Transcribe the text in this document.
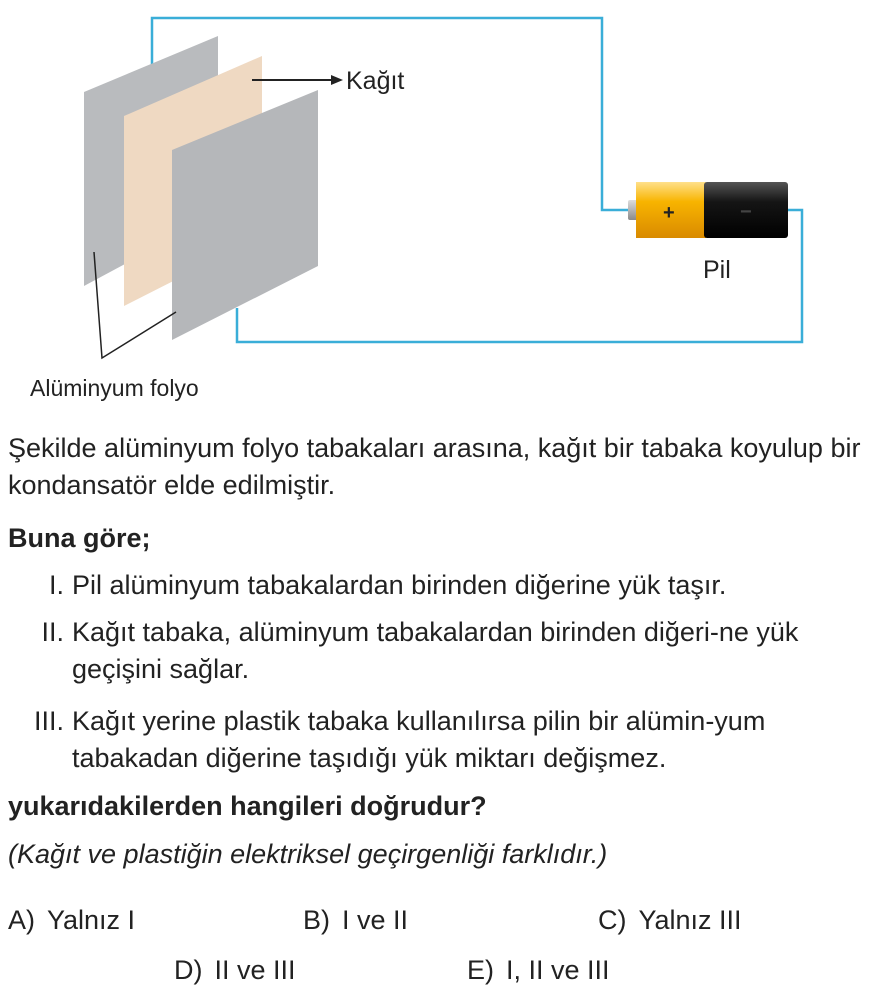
Kağıt
Alüminyum folyo
+	−
Pil
Şekilde alüminyum folyo tabakaları arasına, kağıt bir tabaka koyulup bir kondansatör elde edilmiştir.
Buna göre;
I. Pil alüminyum tabakalardan birinden diğerine yük taşır.
II. Kağıt tabaka, alüminyum tabakalardan birinden diğeri-ne yük geçişini sağlar.
III. Kağıt yerine plastik tabaka kullanılırsa pilin bir alümin-yum tabakadan diğerine taşıdığı yük miktarı değişmez.
yukarıdakilerden hangileri doğrudur?
(Kağıt ve plastiğin elektriksel geçirgenliği farklıdır.)
A) Yalnız I	B) I ve II	C) Yalnız III
D) II ve III	E) I, II ve III
